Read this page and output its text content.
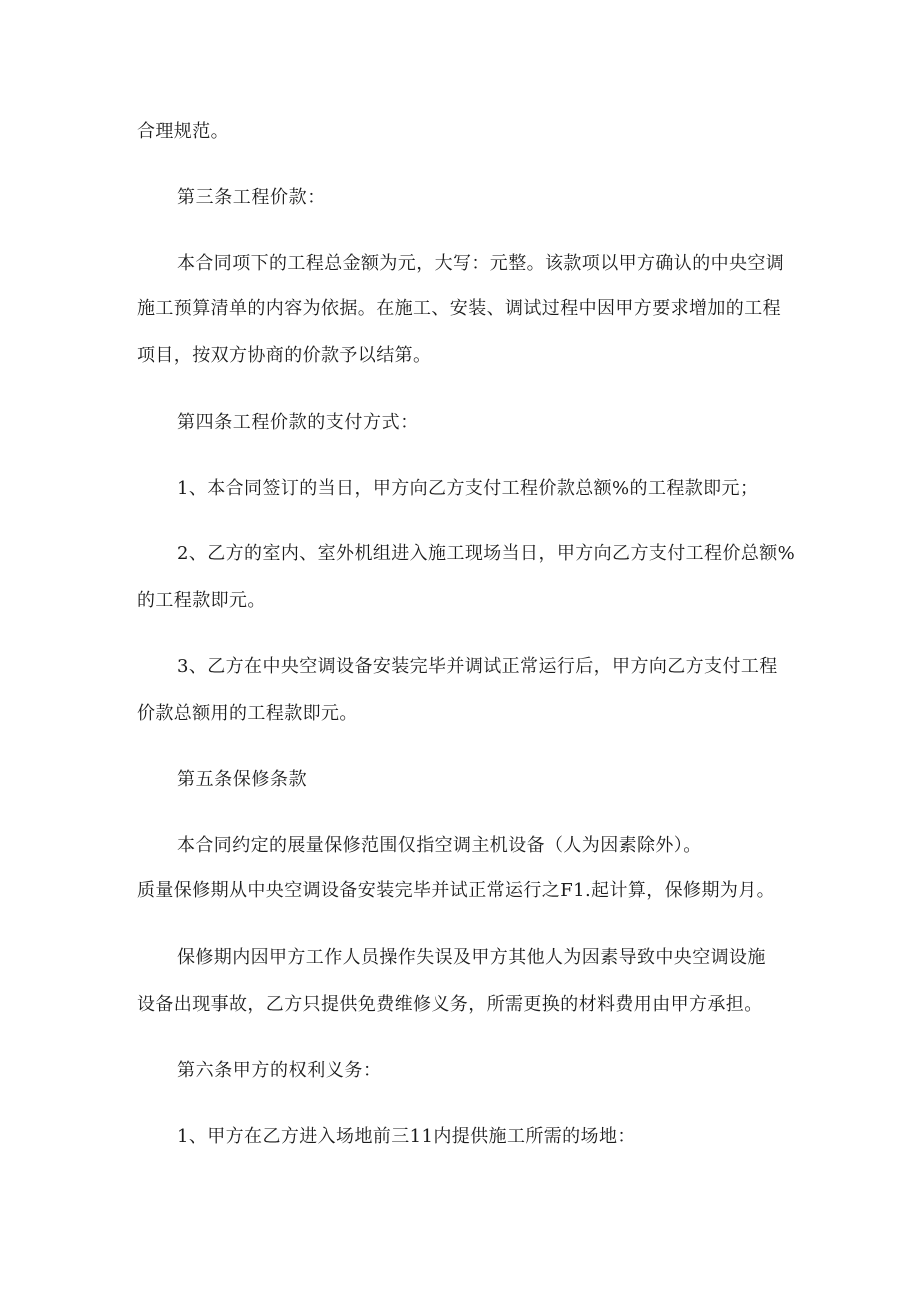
合理规范。

第三条工程价款：

本合同项下的工程总金额为元，大写：元整。该款项以甲方确认的中央空调

施工预算清单的内容为依据。在施工、安装、调试过程中因甲方要求增加的工程

项目，按双方协商的价款予以结第。

第四条工程价款的支付方式：

1、本合同签订的当日，甲方向乙方支付工程价款总额%的工程款即元；

2、乙方的室内、室外机组进入施工现场当日，甲方向乙方支付工程价总额%

的工程款即元。

3、乙方在中央空调设备安装完毕并调试正常运行后，甲方向乙方支付工程

价款总额用的工程款即元。

第五条保修条款

本合同约定的展量保修范围仅指空调主机设备（人为因素除外）。

质量保修期从中央空调设备安装完毕并试正常运行之F1.起计算，保修期为月。

保修期内因甲方工作人员操作失误及甲方其他人为因素导致中央空调设施

设备出现事故，乙方只提供免费维修义务，所需更换的材料费用由甲方承担。

第六条甲方的权利义务：

1、甲方在乙方进入场地前三11内提供施工所需的场地：
